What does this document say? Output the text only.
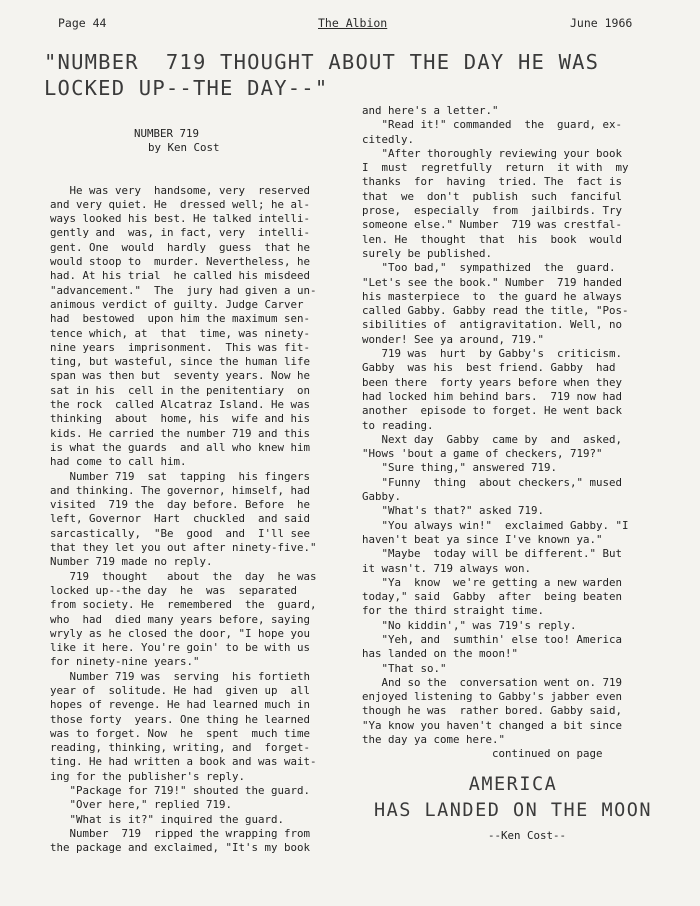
Page 44	The Albion	June 1966
"NUMBER  719 THOUGHT ABOUT THE DAY HE WAS
LOCKED UP--THE DAY--"
NUMBER 719
by Ken Cost
He was very  handsome, very  reserved
and very quiet. He  dressed well; he al-
ways looked his best. He talked intelli-
gently and  was, in fact, very  intelli-
gent. One  would  hardly  guess  that he
would stoop to  murder. Nevertheless, he
had. At his trial  he called his misdeed
"advancement."  The  jury had given a un-
animous verdict of guilty. Judge Carver
had  bestowed  upon him the maximum sen-
tence which, at  that  time, was ninety-
nine years  imprisonment.  This was fit-
ting, but wasteful, since the human life
span was then but  seventy years. Now he
sat in his  cell in the penitentiary  on
the rock  called Alcatraz Island. He was
thinking  about  home, his  wife and his
kids. He carried the number 719 and this
is what the guards  and all who knew him
had come to call him.
Number 719  sat  tapping  his fingers
and thinking. The governor, himself, had
visited  719 the  day before. Before  he
left, Governor  Hart  chuckled  and said
sarcastically,  "Be  good  and  I'll see
that they let you out after ninety-five."
Number 719 made no reply.
719  thought   about  the  day  he was
locked up--the day  he  was  separated
from society. He  remembered  the  guard,
who  had  died many years before, saying
wryly as he closed the door, "I hope you
like it here. You're goin' to be with us
for ninety-nine years."
Number 719 was  serving  his fortieth
year of  solitude. He had  given up  all
hopes of revenge. He had learned much in
those forty  years. One thing he learned
was to forget. Now  he  spent  much time
reading, thinking, writing, and  forget-
ting. He had written a book and was wait-
ing for the publisher's reply.
"Package for 719!" shouted the guard.
"Over here," replied 719.
"What is it?" inquired the guard.
Number  719  ripped the wrapping from
the package and exclaimed, "It's my book
and here's a letter."
"Read it!" commanded  the  guard, ex-
citedly.
"After thoroughly reviewing your book
I  must  regretfully  return  it with  my
thanks  for  having  tried. The  fact is
that  we  don't  publish  such  fanciful
prose,  especially  from  jailbirds. Try
someone else." Number  719 was crestfal-
len. He  thought  that  his  book  would
surely be published.
"Too bad,"  sympathized  the  guard.
"Let's see the book." Number  719 handed
his masterpiece  to  the guard he always
called Gabby. Gabby read the title, "Pos-
sibilities of  antigravitation. Well, no
wonder! See ya around, 719."
719 was  hurt  by Gabby's  criticism.
Gabby  was his  best friend. Gabby  had
been there  forty years before when they
had locked him behind bars.  719 now had
another  episode to forget. He went back
to reading.
Next day  Gabby  came by  and  asked,
"Hows 'bout a game of checkers, 719?"
"Sure thing," answered 719.
"Funny  thing  about checkers," mused
Gabby.
"What's that?" asked 719.
"You always win!"  exclaimed Gabby. "I
haven't beat ya since I've known ya."
"Maybe  today will be different." But
it wasn't. 719 always won.
"Ya  know  we're getting a new warden
today," said  Gabby  after  being beaten
for the third straight time.
"No kiddin'," was 719's reply.
"Yeh, and  sumthin' else too! America
has landed on the moon!"
"That so."
And so the  conversation went on. 719
enjoyed listening to Gabby's jabber even
though he was  rather bored. Gabby said,
"Ya know you haven't changed a bit since
the day ya come here."
continued on page
AMERICA
HAS LANDED ON THE MOON
--Ken Cost--
